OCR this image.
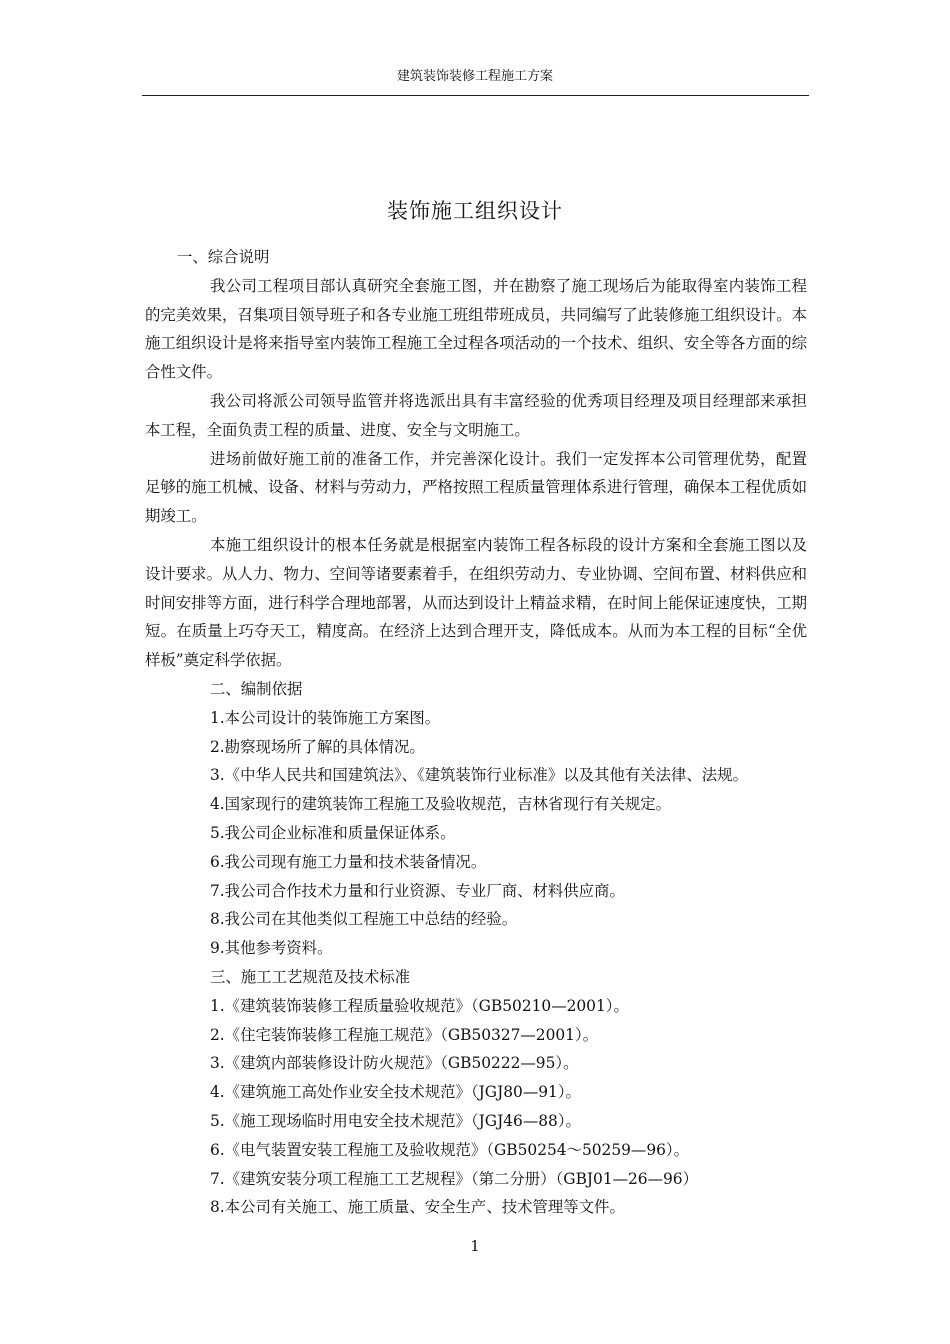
建筑装饰装修工程施工方案
装饰施工组织设计

一、综合说明

我公司工程项目部认真研究全套施工图，并在勘察了施工现场后为能取得室内装饰工程的完美效果，召集项目领导班子和各专业施工班组带班成员，共同编写了此装修施工组织设计。本施工组织设计是将来指导室内装饰工程施工全过程各项活动的一个技术、组织、安全等各方面的综合性文件。

我公司将派公司领导监管并将选派出具有丰富经验的优秀项目经理及项目经理部来承担本工程，全面负责工程的质量、进度、安全与文明施工。

进场前做好施工前的准备工作，并完善深化设计。我们一定发挥本公司管理优势，配置足够的施工机械、设备、材料与劳动力，严格按照工程质量管理体系进行管理，确保本工程优质如期竣工。

本施工组织设计的根本任务就是根据室内装饰工程各标段的设计方案和全套施工图以及设计要求。从人力、物力、空间等诸要素着手，在组织劳动力、专业协调、空间布置、材料供应和时间安排等方面，进行科学合理地部署，从而达到设计上精益求精，在时间上能保证速度快，工期短。在质量上巧夺天工，精度高。在经济上达到合理开支，降低成本。从而为本工程的目标“全优样板”奠定科学依据。

二、编制依据

1.本公司设计的装饰施工方案图。

2.勘察现场所了解的具体情况。

3.《中华人民共和国建筑法》、《建筑装饰行业标准》以及其他有关法律、法规。

4.国家现行的建筑装饰工程施工及验收规范，吉林省现行有关规定。

5.我公司企业标准和质量保证体系。

6.我公司现有施工力量和技术装备情况。

7.我公司合作技术力量和行业资源、专业厂商、材料供应商。

8.我公司在其他类似工程施工中总结的经验。

9.其他参考资料。

三、施工工艺规范及技术标准

1.《建筑装饰装修工程质量验收规范》（GB50210—2001）。

2.《住宅装饰装修工程施工规范》（GB50327—2001）。

3.《建筑内部装修设计防火规范》（GB50222—95）。

4.《建筑施工高处作业安全技术规范》（JGJ80—91）。

5.《施工现场临时用电安全技术规范》（JGJ46—88）。

6.《电气装置安装工程施工及验收规范》（GB50254～50259—96）。

7.《建筑安装分项工程施工工艺规程》（第二分册）（GBJ01—26—96）

8.本公司有关施工、施工质量、安全生产、技术管理等文件。

1
